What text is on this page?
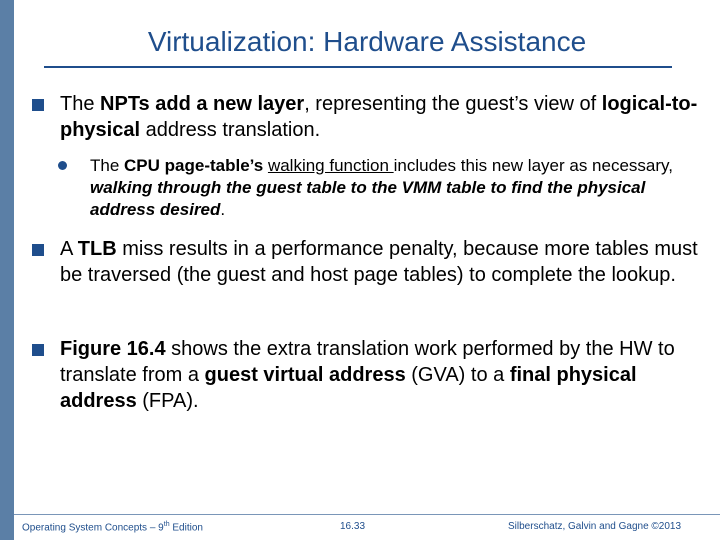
Virtualization: Hardware Assistance
The NPTs add a new layer, representing the guest’s view of logical-to-physical address translation.
The CPU page-table’s walking function includes this new layer as necessary, walking through the guest table to the VMM table to find the physical address desired.
A TLB miss results in a performance penalty, because more tables must be traversed (the guest and host page tables) to complete the lookup.
Figure 16.4 shows the extra translation work performed by the HW to translate from a guest virtual address (GVA) to a final physical address (FPA).
Operating System Concepts – 9th Edition	16.33	Silberschatz, Galvin and Gagne ©2013
